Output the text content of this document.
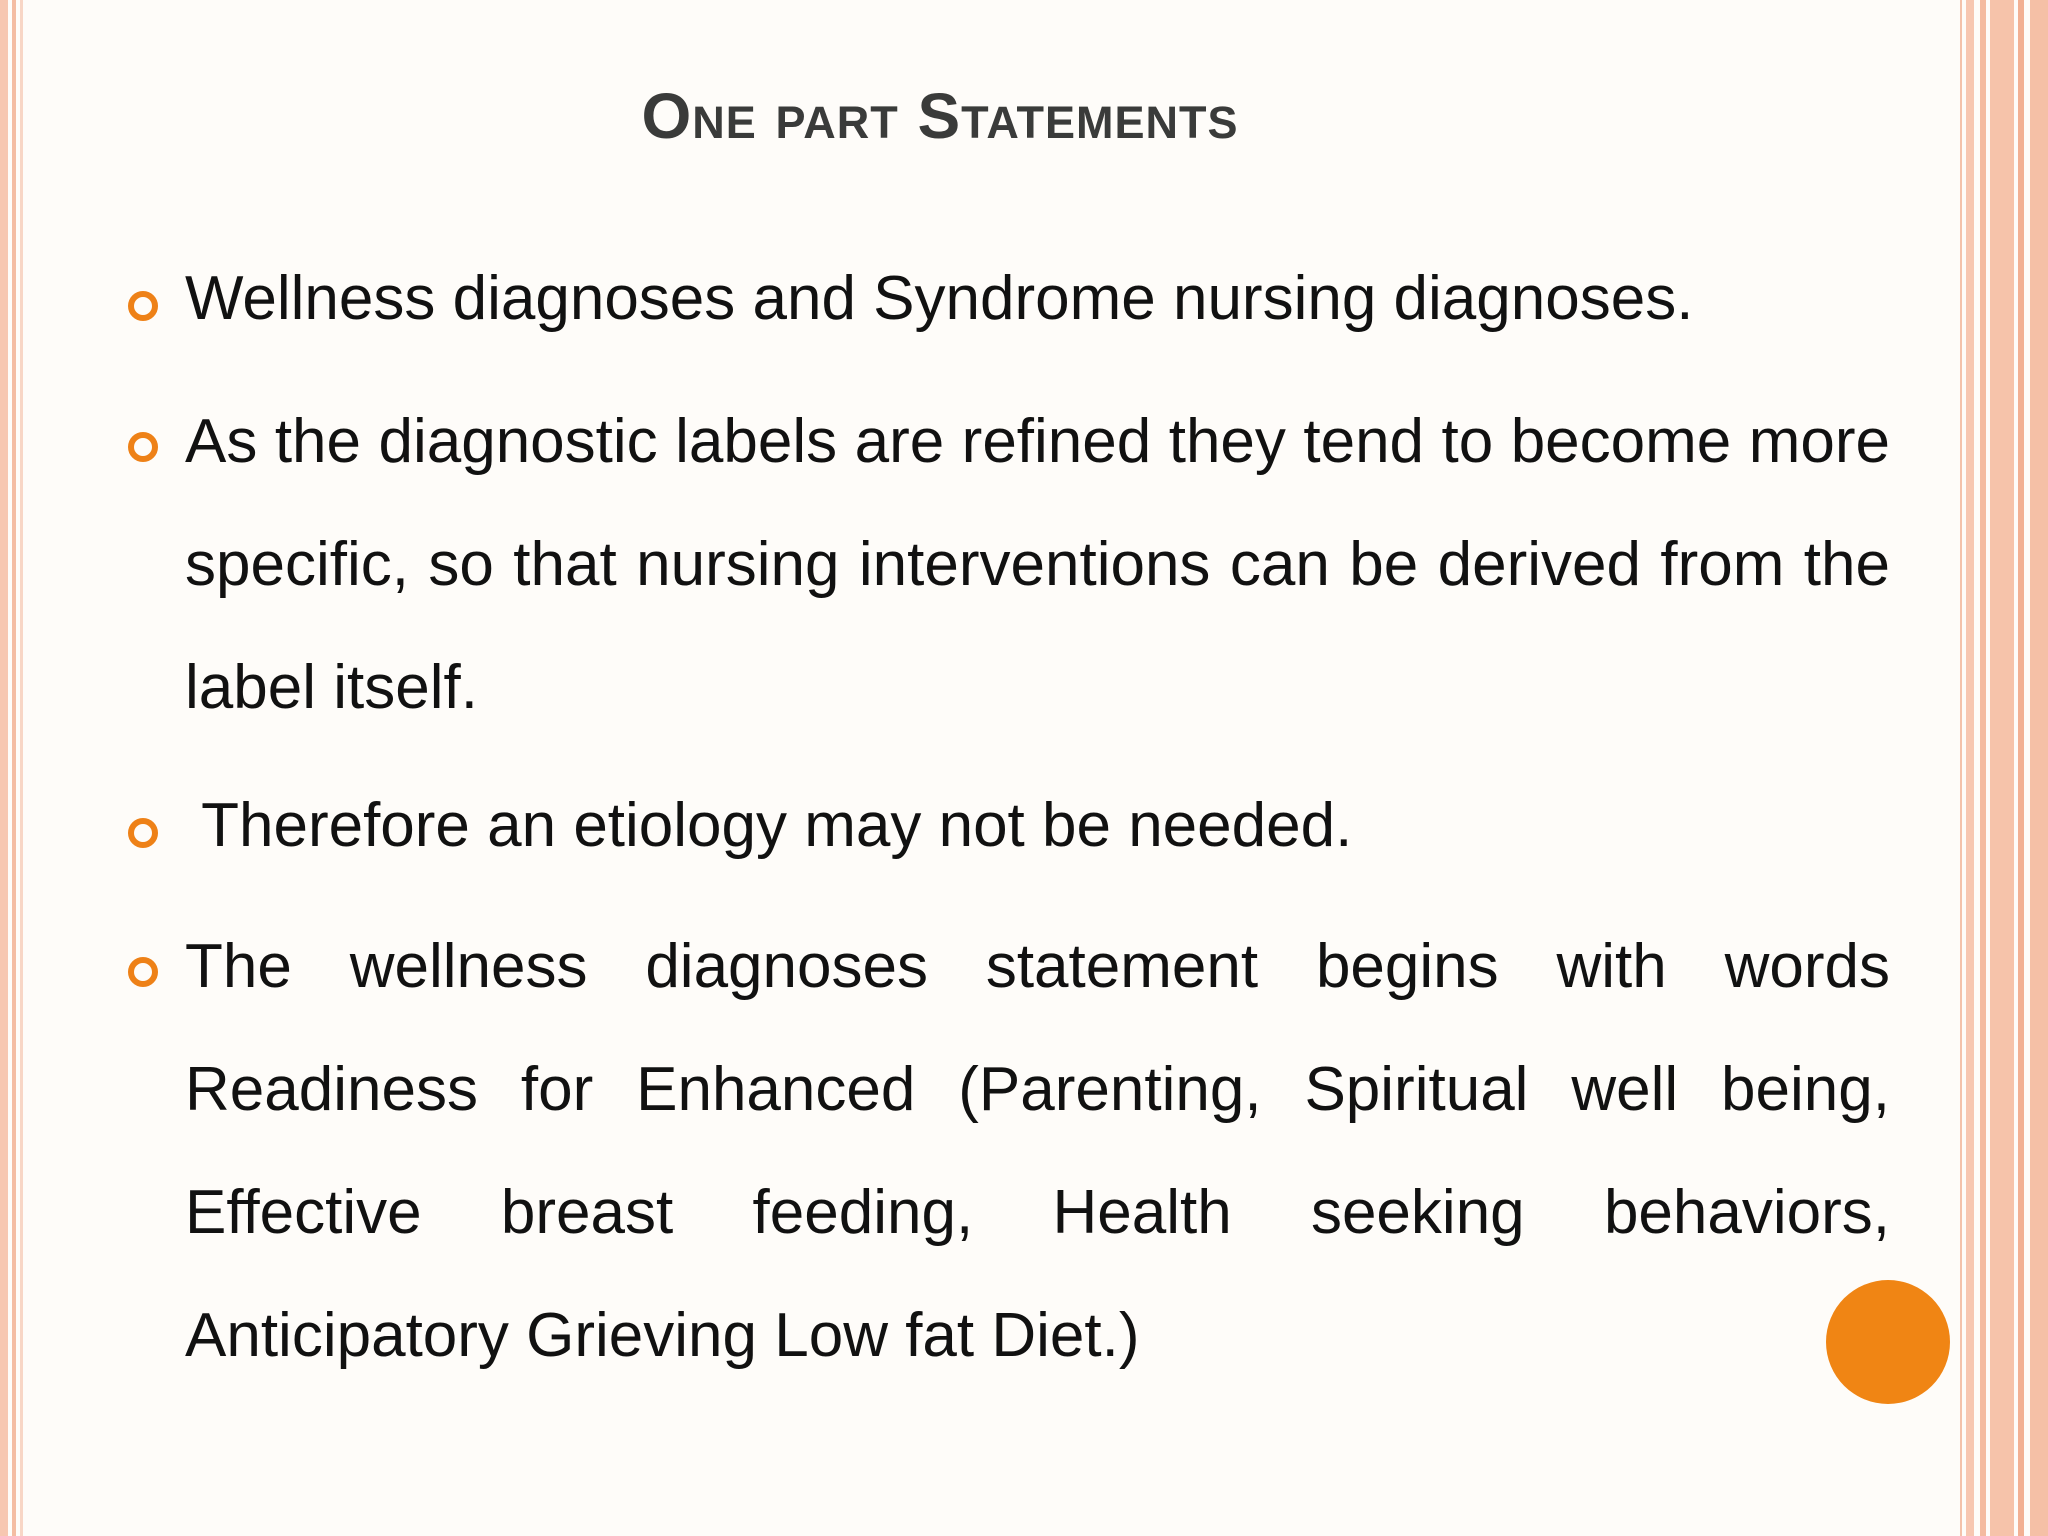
One part Statements
Wellness diagnoses and Syndrome nursing diagnoses.
As the diagnostic labels are refined they tend to become more specific, so that nursing interventions can be derived from the label itself.
Therefore an etiology may not be needed.
The wellness diagnoses statement begins with words Readiness for Enhanced (Parenting, Spiritual well being, Effective breast feeding, Health seeking behaviors, Anticipatory Grieving Low fat Diet.)
